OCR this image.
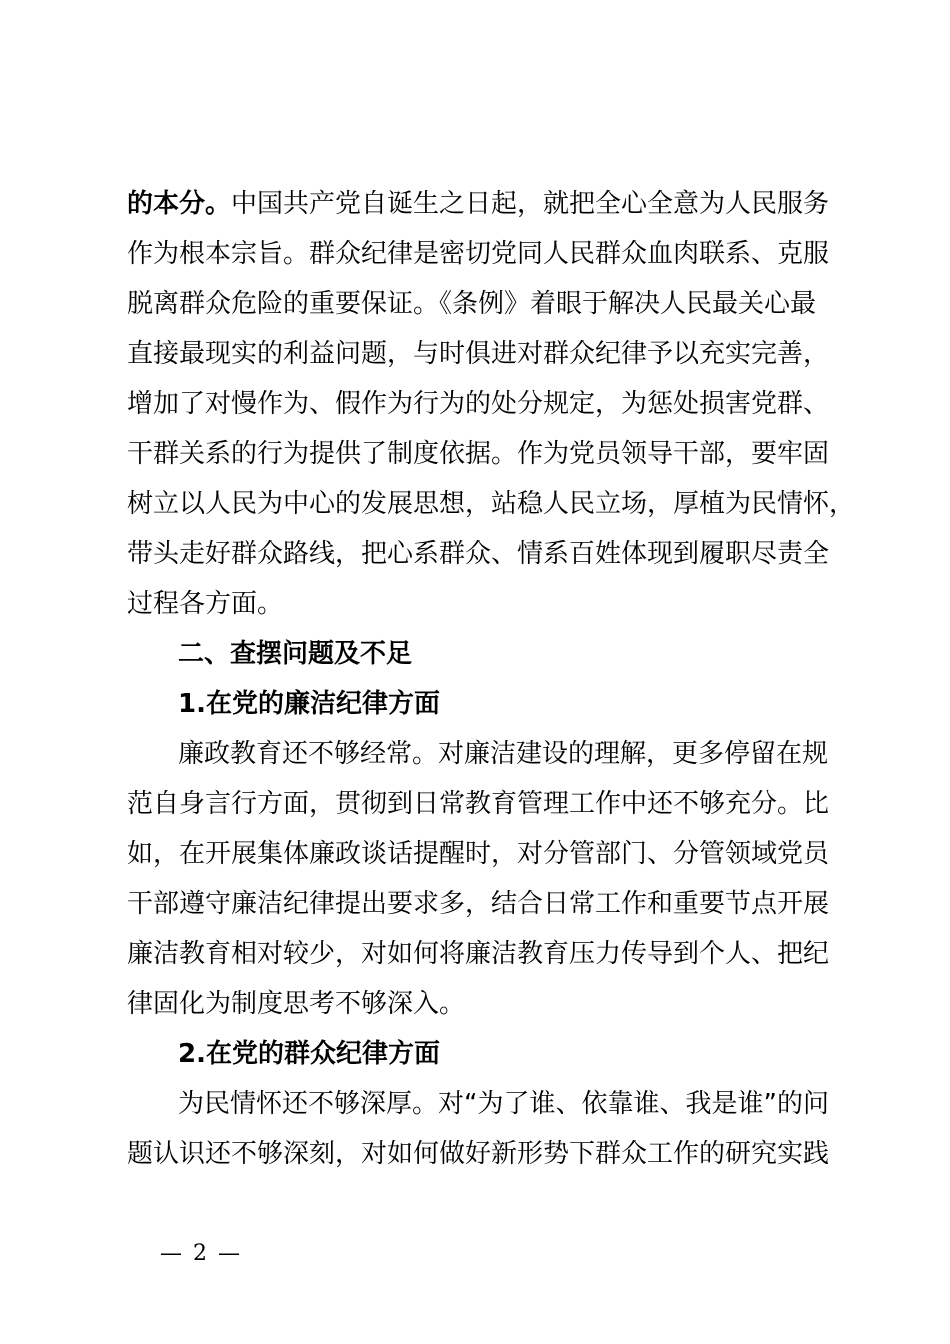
的本分。中国共产党自诞生之日起，就把全心全意为人民服务
作为根本宗旨。群众纪律是密切党同人民群众血肉联系、克服
脱离群众危险的重要保证。《条例》着眼于解决人民最关心最
直接最现实的利益问题，与时俱进对群众纪律予以充实完善，
增加了对慢作为、假作为行为的处分规定，为惩处损害党群、
干群关系的行为提供了制度依据。作为党员领导干部，要牢固
树立以人民为中心的发展思想，站稳人民立场，厚植为民情怀，
带头走好群众路线，把心系群众、情系百姓体现到履职尽责全
过程各方面。
二、查摆问题及不足
1.在党的廉洁纪律方面
廉政教育还不够经常。对廉洁建设的理解，更多停留在规
范自身言行方面，贯彻到日常教育管理工作中还不够充分。比
如，在开展集体廉政谈话提醒时，对分管部门、分管领域党员
干部遵守廉洁纪律提出要求多，结合日常工作和重要节点开展
廉洁教育相对较少，对如何将廉洁教育压力传导到个人、把纪
律固化为制度思考不够深入。
2.在党的群众纪律方面
为民情怀还不够深厚。对“为了谁、依靠谁、我是谁”的问
题认识还不够深刻，对如何做好新形势下群众工作的研究实践
— 2 —
